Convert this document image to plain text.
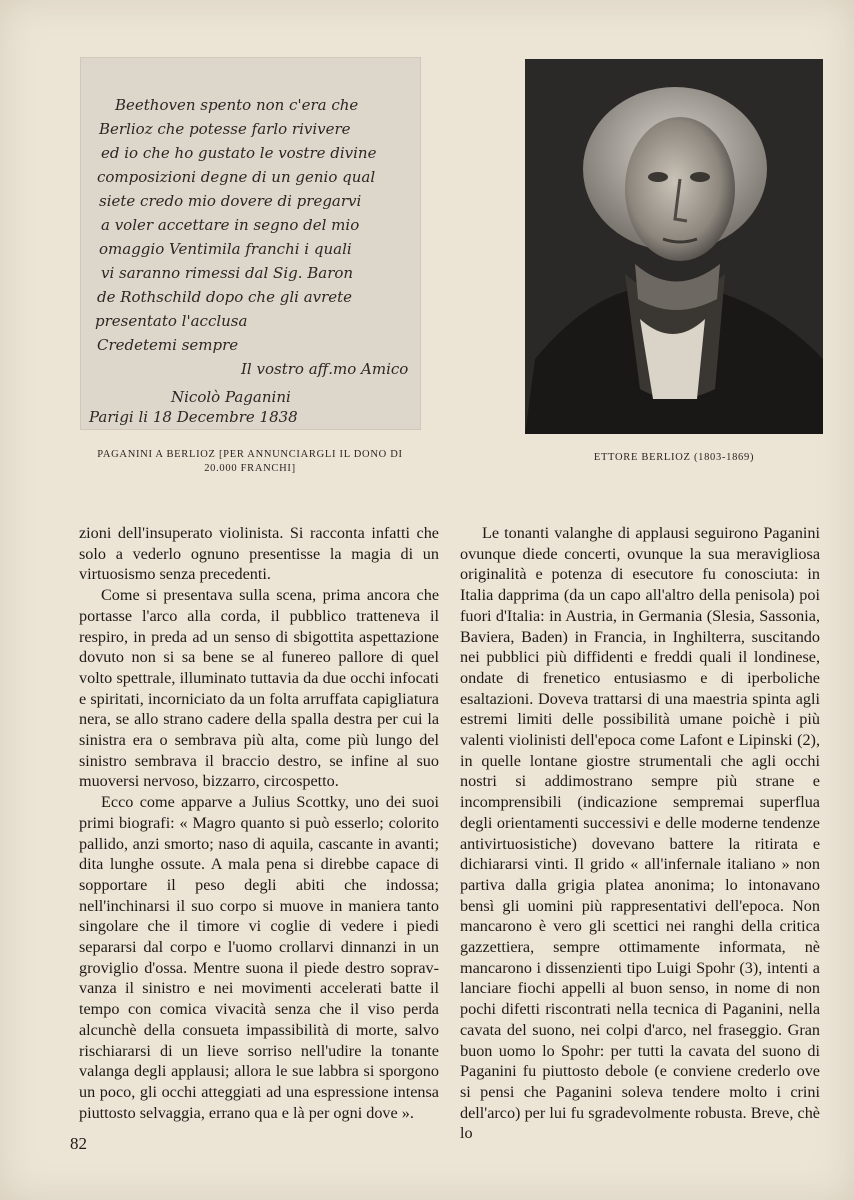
Beethoven spento non c'era che
Berlioz che potesse farlo rivivere
ed io che ho gustato le vostre divine
composizioni degne di un genio qual
siete credo mio dovere di pregarvi
a voler accettare in segno del mio
omaggio Ventimila franchi i quali
vi saranno rimessi dal Sig. Baron
de Rothschild dopo che gli avrete
presentato l'acclusa
Credetemi sempre
Il vostro aff.mo Amico
Nicolò Paganini
Parigi li 18 Decembre 1838
PAGANINI A BERLIOZ [PER ANNUNCIARGLI IL DONO DI 20.000 FRANCHI]
ETTORE BERLIOZ (1803-1869)

zioni dell'insuperato violinista. Si racconta infatti che solo a vederlo ognuno presentisse la magia di un virtuosismo senza precedenti.

Come si presentava sulla scena, prima ancora che portasse l'arco alla corda, il pubblico tratteneva il respiro, in preda ad un senso di sbigottita aspettazione dovuto non si sa bene se al funereo pallore di quel volto spettrale, illuminato tuttavia da due occhi infocati e spiritati, incorniciato da un folta arruffata capigliatura nera, se allo strano cadere della spalla destra per cui la sinistra era o sembrava più alta, come più lungo del sinistro sembrava il braccio destro, se infine al suo muoversi nervoso, bizzarro, circospetto.

Ecco come apparve a Julius Scottky, uno dei suoi primi biografi: « Magro quanto si può esserlo; colorito pallido, anzi smorto; naso di aquila, cascante in avanti; dita lunghe ossute. A mala pena si direbbe capace di sopportare il peso degli abiti che indossa; nell'inchinarsi il suo corpo si muove in maniera tanto singolare che il timore vi coglie di vedere i piedi separarsi dal corpo e l'uomo crollarvi dinnanzi in un groviglio d'ossa. Mentre suona il piede destro sopravvanza il sinistro e nei movimenti accelerati batte il tempo con comica vivacità senza che il viso perda alcunchè della consueta impassibilità di morte, salvo rischiararsi di un lieve sorriso nell'udire la tonante valanga degli applausi; allora le sue labbra si sporgono un poco, gli occhi atteggiati ad una espressione intensa piuttosto selvaggia, errano qua e là per ogni dove ».

Le tonanti valanghe di applausi seguirono Paganini ovunque diede concerti, ovunque la sua meravigliosa originalità e potenza di esecutore fu conosciuta: in Italia dapprima (da un capo all'altro della penisola) poi fuori d'Italia: in Austria, in Germania (Slesia, Sassonia, Baviera, Baden) in Francia, in Inghilterra, suscitando nei pubblici più diffidenti e freddi quali il londinese, ondate di frenetico entusiasmo e di iperboliche esaltazioni. Doveva trattarsi di una maestria spinta agli estremi limiti delle possibilità umane poichè i più valenti violinisti dell'epoca come Lafont e Lipinski (2), in quelle lontane giostre strumentali che agli occhi nostri si addimostrano sempre più strane e incomprensibili (indicazione sempremai superflua degli orientamenti successivi e delle moderne tendenze antivirtuosistiche) dovevano battere la ritirata e dichiararsi vinti. Il grido « all'infernale italiano » non partiva dalla grigia platea anonima; lo intonavano bensì gli uomini più rappresentativi dell'epoca. Non mancarono è vero gli scettici nei ranghi della critica gazzettiera, sempre ottimamente informata, nè mancarono i dissenzienti tipo Luigi Spohr (3), intenti a lanciare fiochi appelli al buon senso, in nome di non pochi difetti riscontrati nella tecnica di Paganini, nella cavata del suono, nei colpi d'arco, nel fraseggio. Gran buon uomo lo Spohr: per tutti la cavata del suono di Paganini fu piuttosto debole (e conviene crederlo ove si pensi che Paganini soleva tendere molto i crini dell'arco) per lui fu sgradevolmente robusta. Breve, chè lo

82
